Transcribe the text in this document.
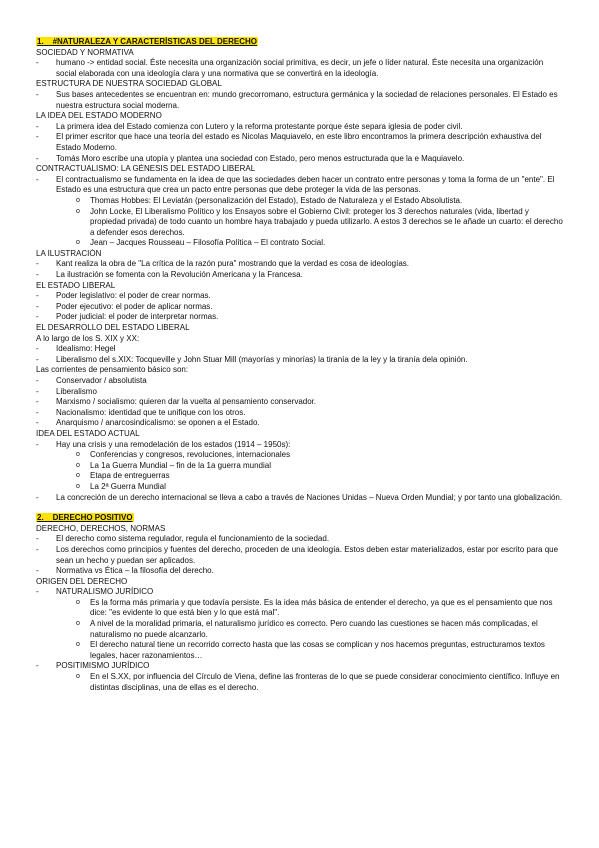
1. #NATURALEZA Y CARACTERÍSTICAS DEL DERECHO
SOCIEDAD Y NORMATIVA
- humano -> entidad social. Éste necesita una organización social primitiva, es decir, un jefe o líder natural. Éste necesita una organización social elaborada con una ideología clara y una normativa que se convertirá en la ideología.
ESTRUCTURA DE NUESTRA SOCIEDAD GLOBAL
- Sus bases antecedentes se encuentran en: mundo grecorromano, estructura germánica y la sociedad de relaciones personales. El Estado es nuestra estructura social moderna.
LA IDEA DEL ESTADO MODERNO
- La primera idea del Estado comienza con Lutero y la reforma protestante porque éste separa iglesia de poder civil.
- El primer escritor que hace una teoría del estado es Nicolas Maquiavelo, en este libro encontramos la primera descripción exhaustiva del Estado Moderno.
- Tomás Moro escribe una utopía y plantea una sociedad con Estado, pero menos estructurada que la e Maquiavelo.
CONTRACTUALISMO: LA GÉNESIS DEL ESTADO LIBERAL
- El contractualismo se fundamenta en la idea de que las sociedades deben hacer un contrato entre personas y toma la forma de un "ente". El Estado es una estructura que crea un pacto entre personas que debe proteger la vida de las personas.
o Thomas Hobbes: El Leviatán (personalización del Estado), Estado de Naturaleza y el Estado Absolutista.
o John Locke, El Liberalismo Político y los Ensayos sobre el Gobierno Civil: proteger los 3 derechos naturales (vida, libertad y propiedad privada) de todo cuanto un hombre haya trabajado y pueda utilizarlo. A estos 3 derechos se le añade un cuarto: el derecho a defender esos derechos.
o Jean – Jacques Rousseau – Filosofía Política – El contrato Social.
LA ILUSTRACIÓN
- Kant realiza la obra de "La crítica de la razón pura" mostrando que la verdad es cosa de ideologías.
- La ilustración se fomenta con la Revolución Americana y la Francesa.
EL ESTADO LIBERAL
- Poder legislativo: el poder de crear normas.
- Poder ejecutivo: el poder de aplicar normas.
- Poder judicial: el poder de interpretar normas.
EL DESARROLLO DEL ESTADO LIBERAL
A lo largo de los S. XIX y XX:
- Idealismo: Hegel
- Liberalismo del s.XIX: Tocqueville y John Stuar Mill (mayorías y minorías) la tiranía de la ley y la tiranía dela opinión.
Las corrientes de pensamiento básico son:
- Conservador / absolutista
- Liberalismo
- Marxismo / socialismo: quieren dar la vuelta al pensamiento conservador.
- Nacionalismo: identidad que te unifique con los otros.
- Anarquismo / anarcosindicalismo: se oponen a el Estado.
IDEA DEL ESTADO ACTUAL
- Hay una crisis y una remodelación de los estados (1914 – 1950s):
o Conferencias y congresos, revoluciones, internacionales
o La 1a Guerra Mundial – fin de la 1a guerra mundial
o Etapa de entreguerras
o La 2ª Guerra Mundial
- La concreción de un derecho internacional se lleva a cabo a través de Naciones Unidas – Nueva Orden Mundial; y por tanto una globalización.
2. DERECHO POSITIVO
DERECHO, DERECHOS, NORMAS
- El derecho como sistema regulador, regula el funcionamiento de la sociedad.
- Los derechos como principios y fuentes del derecho, proceden de una ideología. Estos deben estar materializados, estar por escrito para que sean un hecho y puedan ser aplicados.
- Normativa vs Ética – la filosofía del derecho.
ORIGEN DEL DERECHO
- NATURALISMO JURÍDICO
o Es la forma más primaria y que todavía persiste. Es la idea más básica de entender el derecho, ya que es el pensamiento que nos dice: "es evidente lo que está bien y lo que está mal".
o A nivel de la moralidad primaria, el naturalismo jurídico es correcto. Pero cuando las cuestiones se hacen más complicadas, el naturalismo no puede alcanzarlo.
o El derecho natural tiene un recorrido correcto hasta que las cosas se complican y nos hacemos preguntas, estructuramos textos legales, hacer razonamientos…
- POSITIMISMO JURÍDICO
o En el S.XX, por influencia del Círculo de Viena, define las fronteras de lo que se puede considerar conocimiento científico. Influye en distintas disciplinas, una de ellas es el derecho.
